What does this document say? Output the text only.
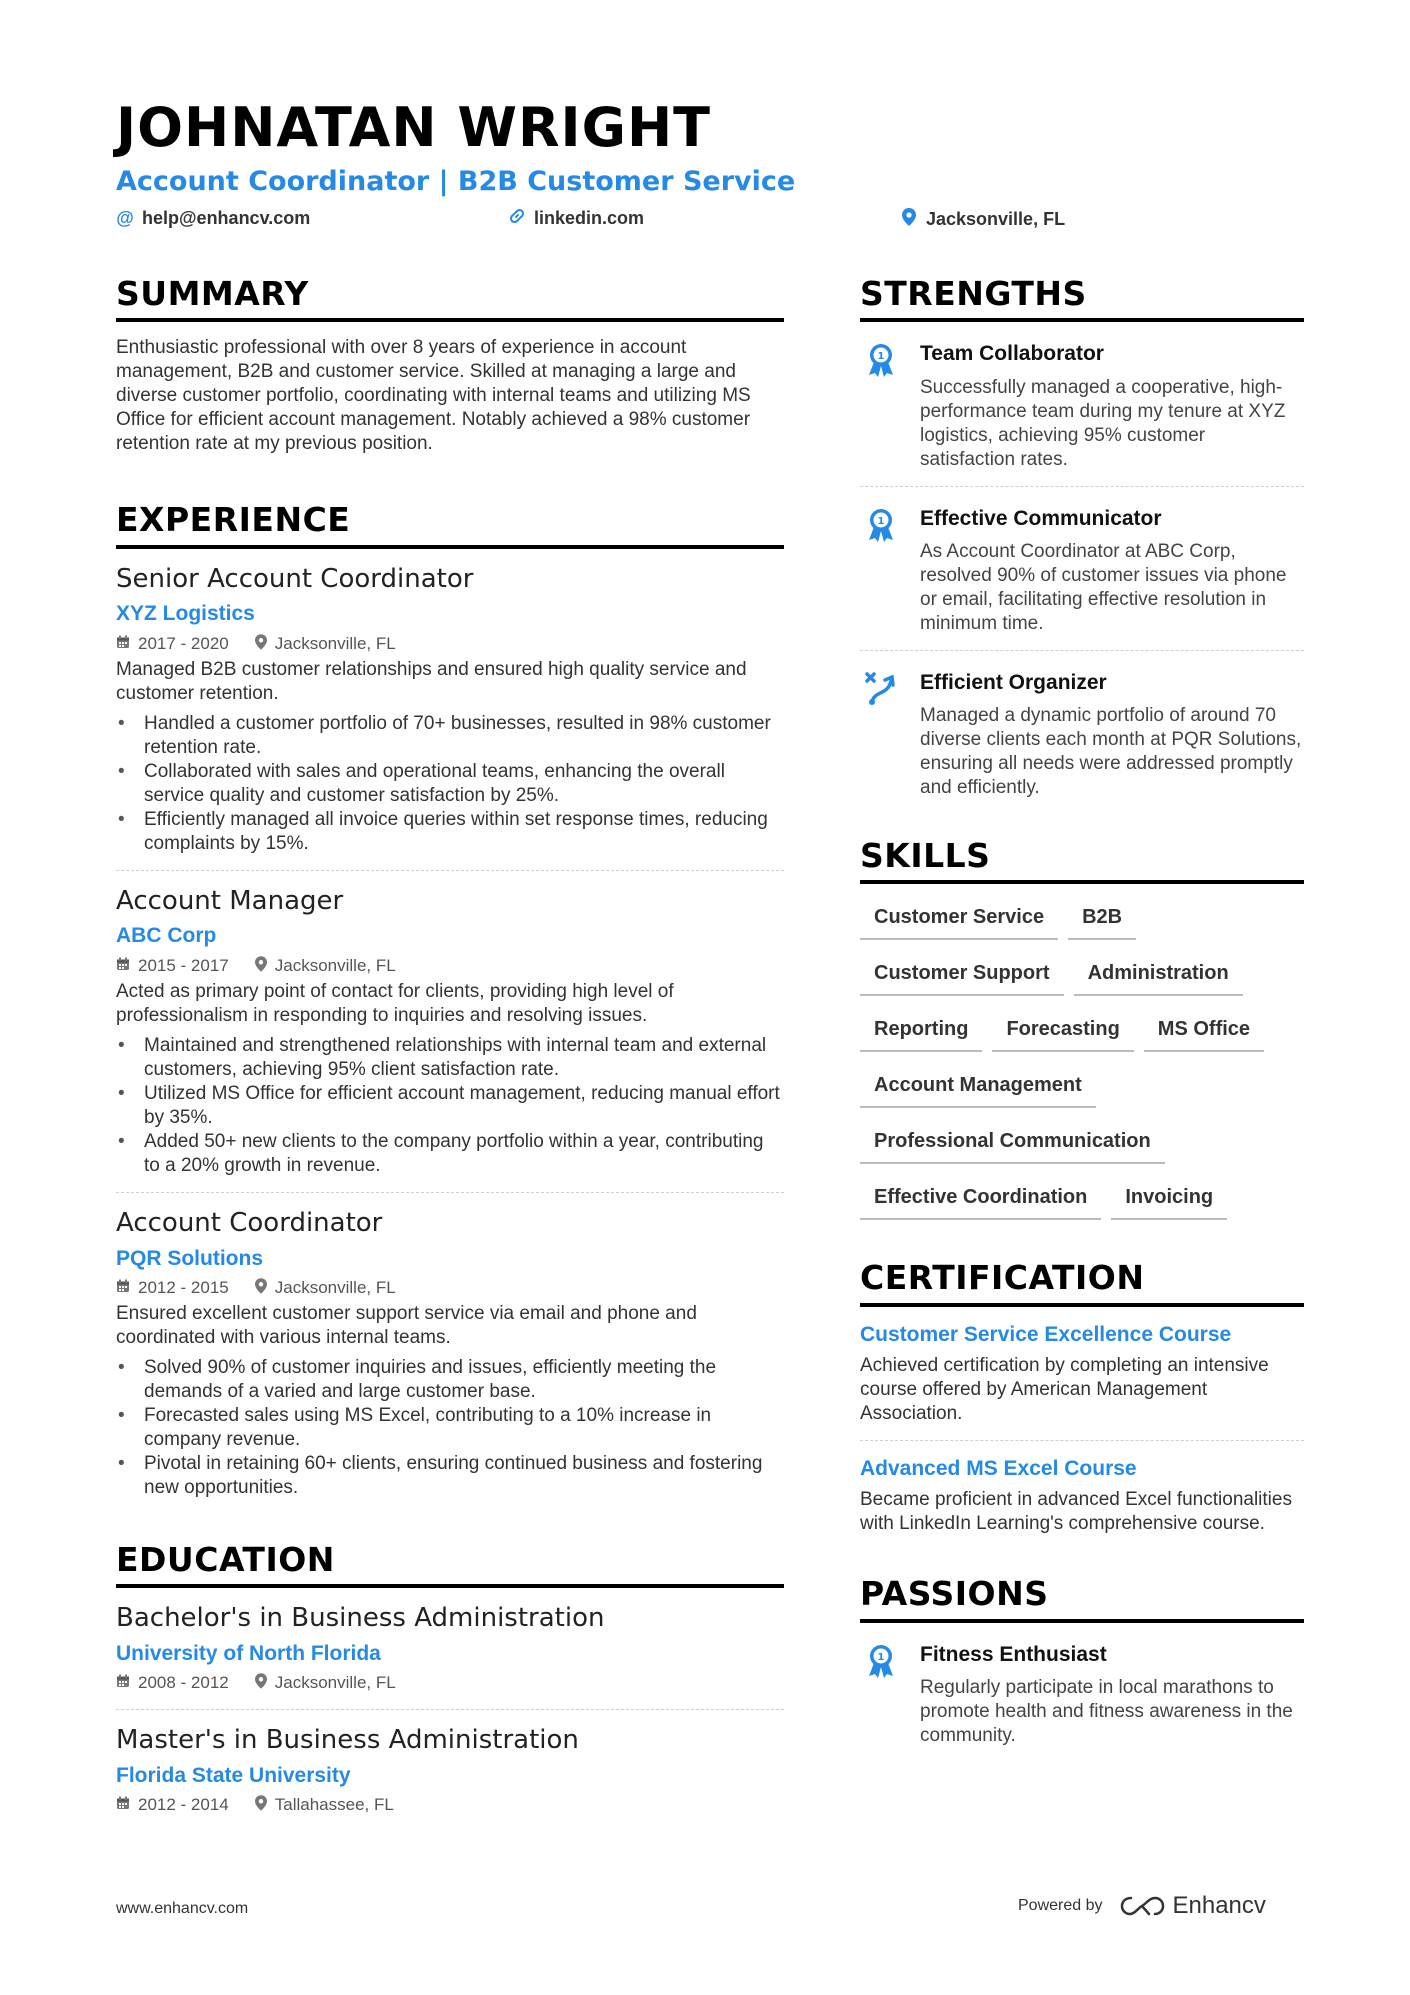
JOHNATAN WRIGHT
Account Coordinator | B2B Customer Service
@ help@enhancv.com	linkedin.com	Jacksonville, FL
SUMMARY

Enthusiastic professional with over 8 years of experience in account management, B2B and customer service. Skilled at managing a large and diverse customer portfolio, coordinating with internal teams and utilizing MS Office for efficient account management. Notably achieved a 98% customer retention rate at my previous position.

EXPERIENCE
Senior Account Coordinator
XYZ Logistics
2017 - 2020	Jacksonville, FL

Managed B2B customer relationships and ensured high quality service and customer retention.

• Handled a customer portfolio of 70+ businesses, resulted in 98% customer retention rate.
• Collaborated with sales and operational teams, enhancing the overall service quality and customer satisfaction by 25%.
• Efficiently managed all invoice queries within set response times, reducing complaints by 15%.
Account Manager
ABC Corp
2015 - 2017	Jacksonville, FL

Acted as primary point of contact for clients, providing high level of professionalism in responding to inquiries and resolving issues.

• Maintained and strengthened relationships with internal team and external customers, achieving 95% client satisfaction rate.
• Utilized MS Office for efficient account management, reducing manual effort by 35%.
• Added 50+ new clients to the company portfolio within a year, contributing to a 20% growth in revenue.
Account Coordinator
PQR Solutions
2012 - 2015	Jacksonville, FL

Ensured excellent customer support service via email and phone and coordinated with various internal teams.

• Solved 90% of customer inquiries and issues, efficiently meeting the demands of a varied and large customer base.
• Forecasted sales using MS Excel, contributing to a 10% increase in company revenue.
• Pivotal in retaining 60+ clients, ensuring continued business and fostering new opportunities.
EDUCATION
Bachelor's in Business Administration
University of North Florida
2008 - 2012	Jacksonville, FL
Master's in Business Administration
Florida State University
2012 - 2014	Tallahassee, FL
STRENGTHS
1 Team Collaborator

Successfully managed a cooperative, high-performance team during my tenure at XYZ logistics, achieving 95% customer satisfaction rates.

1 Effective Communicator

As Account Coordinator at ABC Corp, resolved 90% of customer issues via phone or email, facilitating effective resolution in minimum time.

Efficient Organizer

Managed a dynamic portfolio of around 70 diverse clients each month at PQR Solutions, ensuring all needs were addressed promptly and efficiently.

SKILLS
Customer Service	B2B
Customer Support	Administration
Reporting	Forecasting	MS Office
Account Management
Professional Communication
Effective Coordination	Invoicing
CERTIFICATION
Customer Service Excellence Course

Achieved certification by completing an intensive course offered by American Management Association.

Advanced MS Excel Course

Became proficient in advanced Excel functionalities with LinkedIn Learning's comprehensive course.

PASSIONS
1 Fitness Enthusiast

Regularly participate in local marathons to promote health and fitness awareness in the community.

www.enhancv.com	Powered by	Enhancv
